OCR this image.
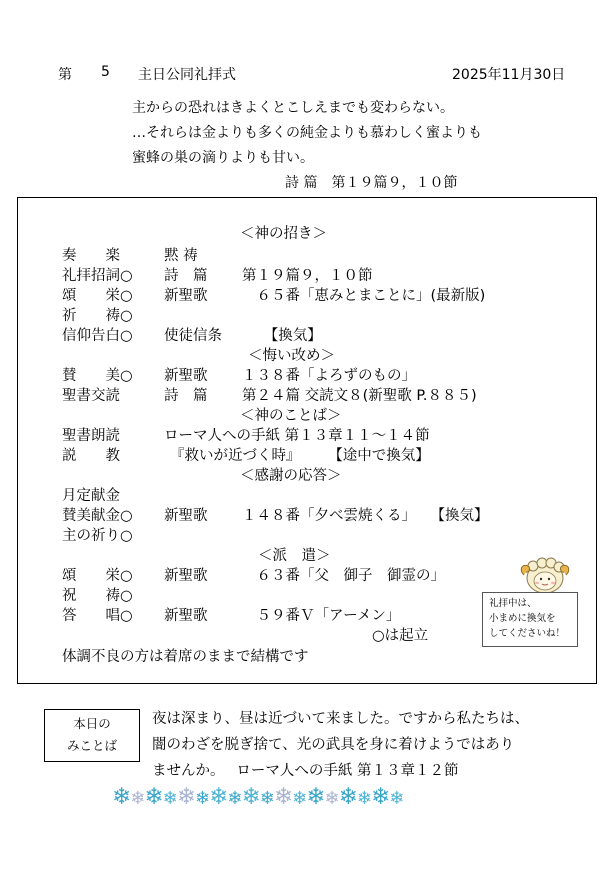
第 5 主日公同礼拝式	2025年11月30日
主からの恐れはきよくとこしえまでも変わらない。
…それらは金よりも多くの純金よりも慕わしく蜜よりも
蜜蜂の巣の滴りよりも甘い。
詩 篇　第１９篇９，１０節
＜神の招き＞
奏　　楽	黙 祷
礼拝招詞○ 詩　篇 第１９篇９，１０節
頌　　栄○ 新聖歌 　６５番「恵みとまことに」(最新版)
祈　　祷○
信仰告白○ 使徒信条 　　【換気】
＜悔い改め＞
賛　　美○ 新聖歌 １３８番「よろずのもの」
聖書交読	詩　篇 第２４篇 交読文８(新聖歌 P.８８５)
＜神のことば＞
聖書朗読	ローマ人への手紙 第１３章１１～１４節
説　　教	『救いが近づく時』
　　　【途中で換気】
＜感謝の応答＞
月定献金
賛美献金○ 新聖歌 １４８番「夕べ雲焼くる」　　【換気】
主の祈り○
＜派　遣＞
頌　　栄○ 新聖歌 　６３番「父　御子　御霊の」
祝　　祷○
答　　唱○ 新聖歌 　５９番Ｖ「アーメン」
○は起立
体調不良の方は着席のままで結構です
礼拝中は、
小まめに換気を
してくださいね！
本日の
みことば
夜は深まり、昼は近づいて来ました。ですから私たちは、
闇のわざを脱ぎ捨て、光の武具を身に着けようではあり
ませんか。　 ローマ人への手紙 第１３章１２節
❄❄❄❄❄❄❄❄❄❄❄❄❄❄❄❄❄❄
